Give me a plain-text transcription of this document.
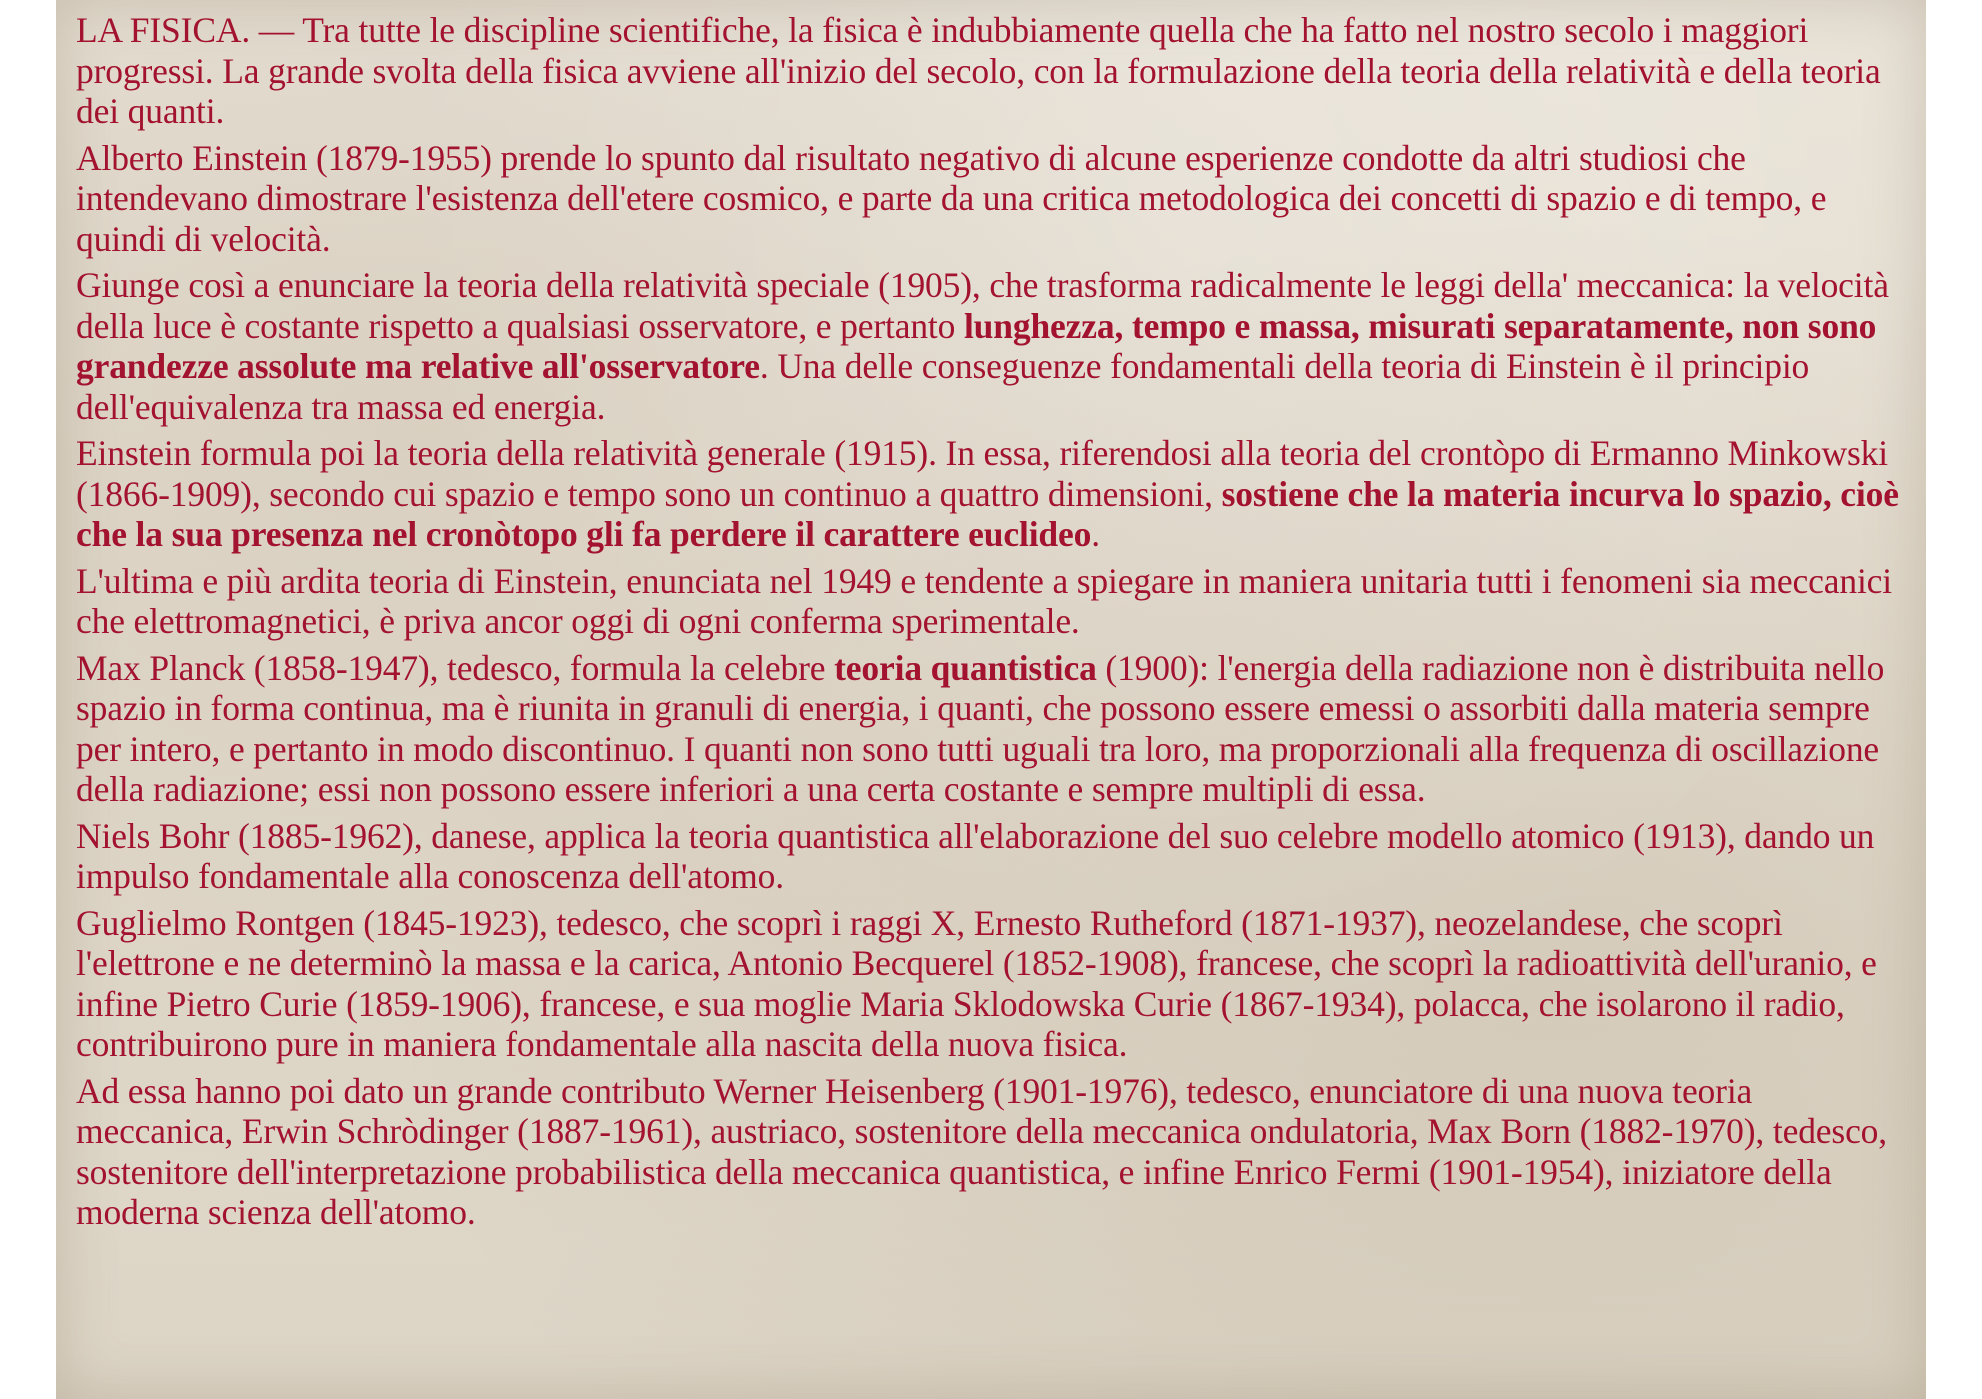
LA FISICA. — Tra tutte le discipline scientifiche, la fisica è indubbiamente quella che ha fatto nel nostro secolo i maggiori progressi. La grande svolta della fisica avviene all'inizio del secolo, con la formulazione della teoria della relatività e della teoria dei quanti.

Alberto Einstein (1879-1955) prende lo spunto dal risultato negativo di alcune esperienze condotte da altri studiosi che intendevano dimostrare l'esistenza dell'etere cosmico, e parte da una critica metodologica dei concetti di spazio e di tempo, e quindi di velocità.

Giunge così a enunciare la teoria della relatività speciale (1905), che trasforma radicalmente le leggi della' meccanica: la velocità della luce è costante rispetto a qualsiasi osservatore, e pertanto lunghezza, tempo e massa, misurati separatamente, non sono grandezze assolute ma relative all'osservatore. Una delle conseguenze fondamentali della teoria di Einstein è il principio dell'equivalenza tra massa ed energia.

Einstein formula poi la teoria della relatività generale (1915). In essa, riferendosi alla teoria del crontòpo di Ermanno Minkowski (1866-1909), secondo cui spazio e tempo sono un continuo a quattro dimensioni, sostiene che la materia incurva lo spazio, cioè che la sua presenza nel cronòtopo gli fa perdere il carattere euclideo.

L'ultima e più ardita teoria di Einstein, enunciata nel 1949 e tendente a spiegare in maniera unitaria tutti i fenomeni sia meccanici che elettromagnetici, è priva ancor oggi di ogni conferma sperimentale.

Max Planck (1858-1947), tedesco, formula la celebre teoria quantistica (1900): l'energia della radiazione non è distribuita nello spazio in forma continua, ma è riunita in granuli di energia, i quanti, che possono essere emessi o assorbiti dalla materia sempre per intero, e pertanto in modo discontinuo. I quanti non sono tutti uguali tra loro, ma proporzionali alla frequenza di oscillazione della radiazione; essi non possono essere inferiori a una certa costante e sempre multipli di essa.

Niels Bohr (1885-1962), danese, applica la teoria quantistica all'elaborazione del suo celebre modello atomico (1913), dando un impulso fondamentale alla conoscenza dell'atomo.

Guglielmo Rontgen (1845-1923), tedesco, che scoprì i raggi X, Ernesto Rutheford (1871-1937), neozelandese, che scoprì l'elettrone e ne determinò la massa e la carica, Antonio Becquerel (1852-1908), francese, che scoprì la radioattività dell'uranio, e infine Pietro Curie (1859-1906), francese, e sua moglie Maria Sklodowska Curie (1867-1934), polacca, che isolarono il radio, contribuirono pure in maniera fondamentale alla nascita della nuova fisica.

Ad essa hanno poi dato un grande contributo Werner Heisenberg (1901-1976), tedesco, enunciatore di una nuova teoria meccanica, Erwin Schròdinger (1887-1961), austriaco, sostenitore della meccanica ondulatoria, Max Born (1882-1970), tedesco, sostenitore dell'interpretazione probabilistica della meccanica quantistica, e infine Enrico Fermi (1901-1954), iniziatore della moderna scienza dell'atomo.
